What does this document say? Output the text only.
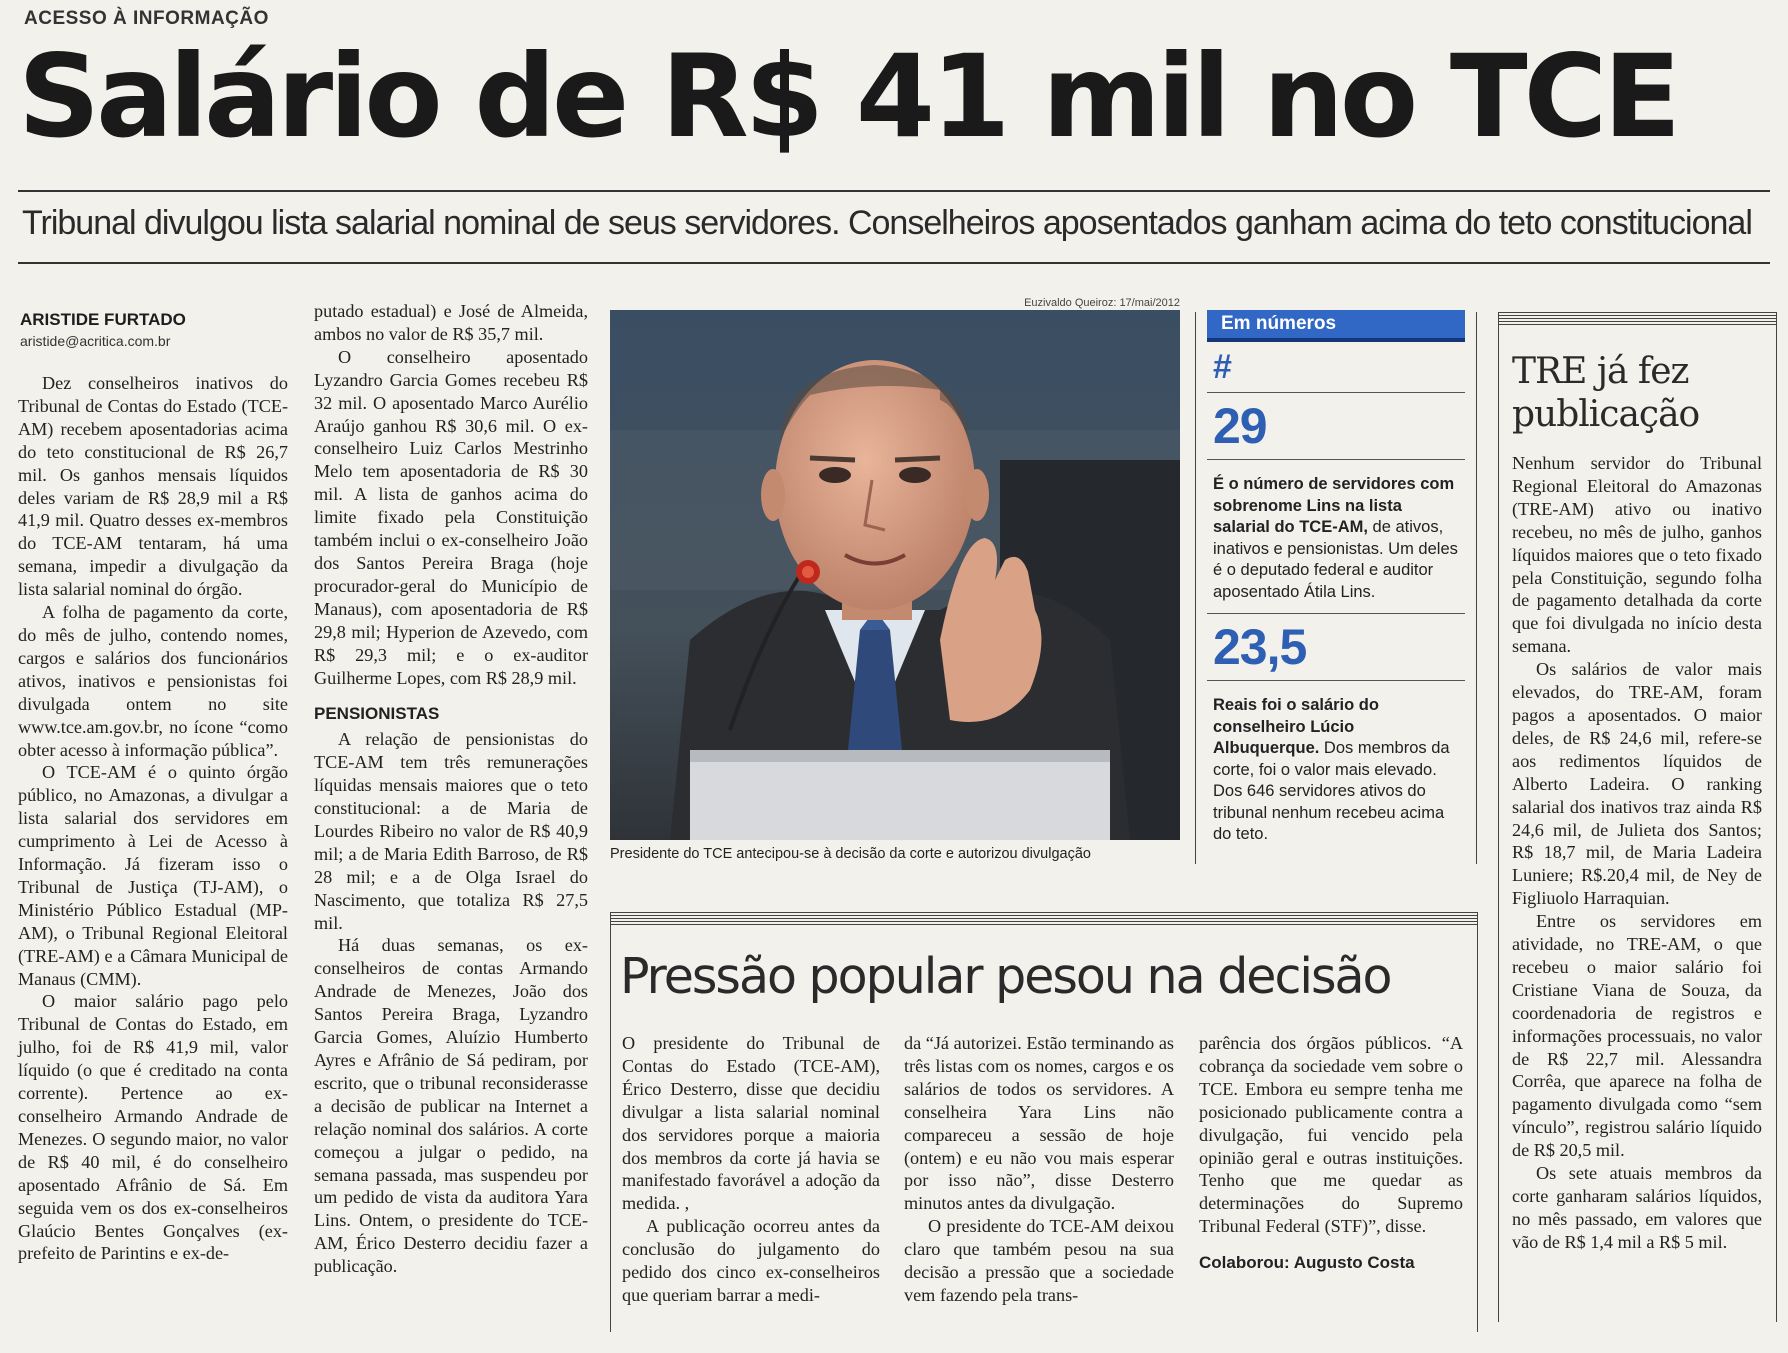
ACESSO À INFORMAÇÃO
Salário de R$ 41 mil no TCE
Tribunal divulgou lista salarial nominal de seus servidores. Conselheiros aposentados ganham acima do teto constitucional
ARISTIDE FURTADO
aristide@acritica.com.br

Dez conselheiros inativos do Tribunal de Contas do Estado (TCE-AM) recebem aposentadorias acima do teto constitucional de R$ 26,7 mil. Os ganhos mensais líquidos deles variam de R$ 28,9 mil a R$ 41,9 mil. Quatro desses ex-membros do TCE-AM tentaram, há uma semana, impedir a divulgação da lista salarial nominal do órgão.

A folha de pagamento da corte, do mês de julho, contendo nomes, cargos e salários dos funcionários ativos, inativos e pensionistas foi divulgada ontem no site www.tce.am.gov.br, no ícone “como obter acesso à informação pública”.

O TCE-AM é o quinto órgão público, no Amazonas, a divulgar a lista salarial dos servidores em cumprimento à Lei de Acesso à Informação. Já fizeram isso o Tribunal de Justiça (TJ-AM), o Ministério Público Estadual (MP-AM), o Tribunal Regional Eleitoral (TRE-AM) e a Câmara Municipal de Manaus (CMM).

O maior salário pago pelo Tribunal de Contas do Estado, em julho, foi de R$ 41,9 mil, valor líquido (o que é creditado na conta corrente). Pertence ao ex-conselheiro Armando Andrade de Menezes. O segundo maior, no valor de R$ 40 mil, é do conselheiro aposentado Afrânio de Sá. Em seguida vem os dos ex-conselheiros Glaúcio Bentes Gonçalves (ex-prefeito de Parintins e ex-de-

putado estadual) e José de Almeida, ambos no valor de R$ 35,7 mil.

O conselheiro aposentado Lyzandro Garcia Gomes recebeu R$ 32 mil. O aposentado Marco Aurélio Araújo ganhou R$ 30,6 mil. O ex-conselheiro Luiz Carlos Mestrinho Melo tem aposentadoria de R$ 30 mil. A lista de ganhos acima do limite fixado pela Constituição também inclui o ex-conselheiro João dos Santos Pereira Braga (hoje procurador-geral do Município de Manaus), com aposentadoria de R$ 29,8 mil; Hyperion de Azevedo, com R$ 29,3 mil; e o ex-auditor Guilherme Lopes, com R$ 28,9 mil.

PENSIONISTAS

A relação de pensionistas do TCE-AM tem três remunerações líquidas mensais maiores que o teto constitucional: a de Maria de Lourdes Ribeiro no valor de R$ 40,9 mil; a de Maria Edith Barroso, de R$ 28 mil; e a de Olga Israel do Nascimento, que totaliza R$ 27,5 mil.

Há duas semanas, os ex-conselheiros de contas Armando Andrade de Menezes, João dos Santos Pereira Braga, Lyzandro Garcia Gomes, Aluízio Humberto Ayres e Afrânio de Sá pediram, por escrito, que o tribunal reconsiderasse a decisão de publicar na Internet a relação nominal dos salários. A corte começou a julgar o pedido, na semana passada, mas suspendeu por um pedido de vista da auditora Yara Lins. Ontem, o presidente do TCE-AM, Érico Desterro decidiu fazer a publicação.

Euzivaldo Queiroz: 17/mai/2012
Presidente do TCE antecipou-se à decisão da corte e autorizou divulgação
Em números
#
29
É o número de servidores com sobrenome Lins na lista salarial do TCE-AM, de ativos, inativos e pensionistas. Um deles é o deputado federal e auditor aposentado Átila Lins.
23,5
Reais foi o salário do conselheiro Lúcio Albuquerque. Dos membros da corte, foi o valor mais elevado. Dos 646 servidores ativos do tribunal nenhum recebeu acima do teto.
TRE já fez publicação

Nenhum servidor do Tribunal Regional Eleitoral do Amazonas (TRE-AM) ativo ou inativo recebeu, no mês de julho, ganhos líquidos maiores que o teto fixado pela Constituição, segundo folha de pagamento detalhada da corte que foi divulgada no início desta semana.

Os salários de valor mais elevados, do TRE-AM, foram pagos a aposentados. O maior deles, de R$ 24,6 mil, refere-se aos redimentos líquidos de Alberto Ladeira. O ranking salarial dos inativos traz ainda R$ 24,6 mil, de Julieta dos Santos; R$ 18,7 mil, de Maria Ladeira Luniere; R$.20,4 mil, de Ney de Figliuolo Harraquian.

Entre os servidores em atividade, no TRE-AM, o que recebeu o maior salário foi Cristiane Viana de Souza, da coordenadoria de registros e informações processuais, no valor de R$ 22,7 mil. Alessandra Corrêa, que aparece na folha de pagamento divulgada como “sem vínculo”, registrou salário líquido de R$ 20,5 mil.

Os sete atuais membros da corte ganharam salários líquidos, no mês passado, em valores que vão de R$ 1,4 mil a R$ 5 mil.

Pressão popular pesou na decisão

O presidente do Tribunal de Contas do Estado (TCE-AM), Érico Desterro, disse que decidiu divulgar a lista salarial nominal dos servidores porque a maioria dos membros da corte já havia se manifestado favorável a adoção da medida. ,

A publicação ocorreu antes da conclusão do julgamento do pedido dos cinco ex-conselheiros que queriam barrar a medi-

da “Já autorizei. Estão terminando as três listas com os nomes, cargos e os salários de todos os servidores. A conselheira Yara Lins não compareceu a sessão de hoje (ontem) e eu não vou mais esperar por isso não”, disse Desterro minutos antes da divulgação.

O presidente do TCE-AM deixou claro que também pesou na sua decisão a pressão que a sociedade vem fazendo pela trans-

parência dos órgãos públicos. “A cobrança da sociedade vem sobre o TCE. Embora eu sempre tenha me posicionado publicamente contra a divulgação, fui vencido pela opinião geral e outras instituições. Tenho que me quedar as determinações do Supremo Tribunal Federal (STF)”, disse.

Colaborou: Augusto Costa
